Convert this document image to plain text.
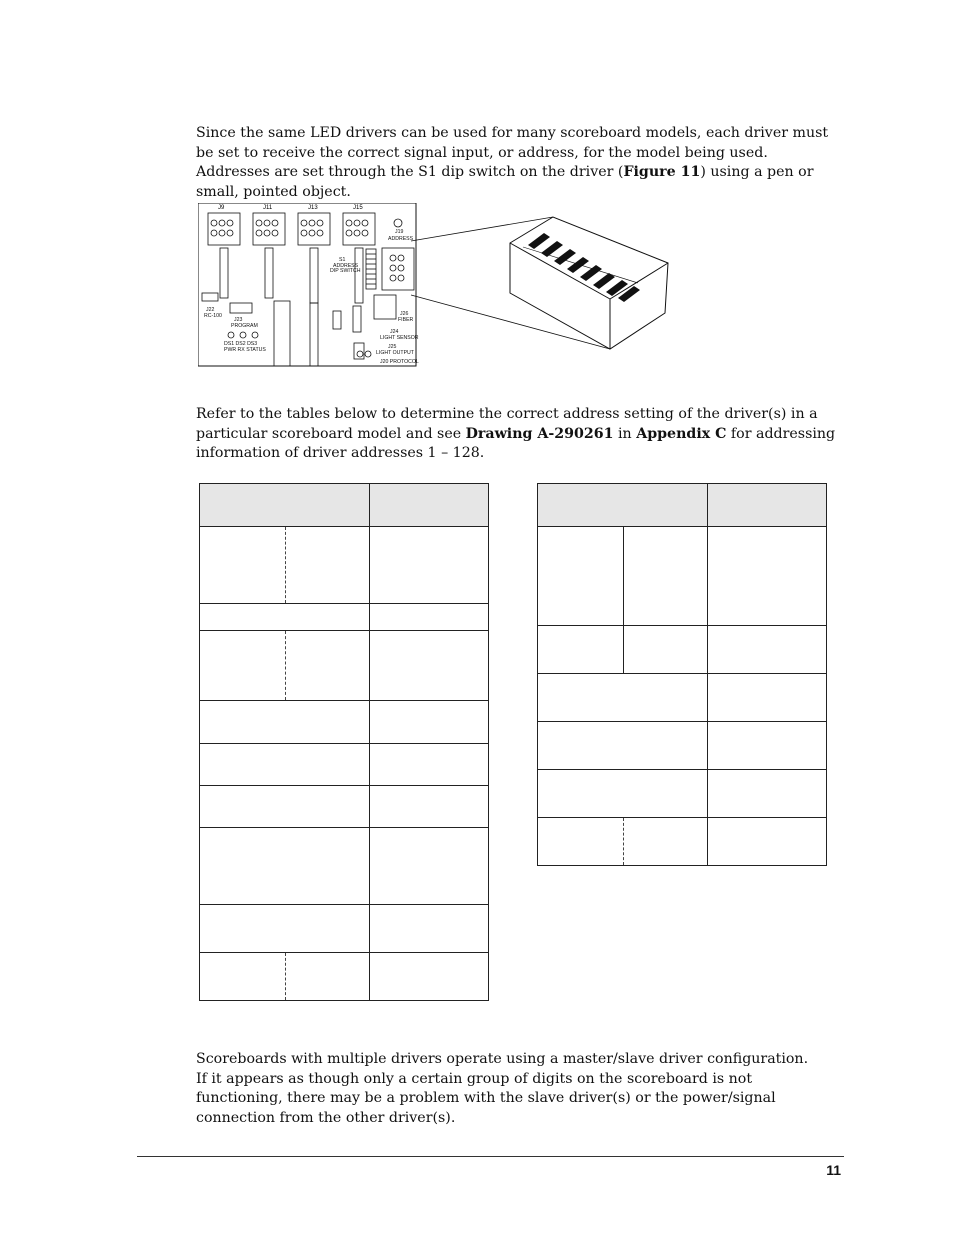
Since the same LED drivers can be used for many scoreboard models, each driver must be set to receive the correct signal input, or address, for the model being used. Addresses are set through the S1 dip switch on the driver (Figure 11) using a pen or small, pointed object.

J9	J11	J13	J15
J19
ADDRESS
S1
ADDRESS
DIP SWITCH
J22
RC-100
J23
PROGRAM
DS1 DS2 DS3
PWR RX STATUS
J26
FIBER
J24
LIGHT SENSOR
J25
LIGHT OUTPUT
J20 PROTOCOL

Refer to the tables below to determine the correct address setting of the driver(s) in a particular scoreboard model and see Drawing A-290261 in Appendix C for addressing information of driver addresses 1 – 128.

Scoreboards with multiple drivers operate using a master/slave driver configuration. If it appears as though only a certain group of digits on the scoreboard is not functioning, there may be a problem with the slave driver(s) or the power/signal connection from the other driver(s).

11
